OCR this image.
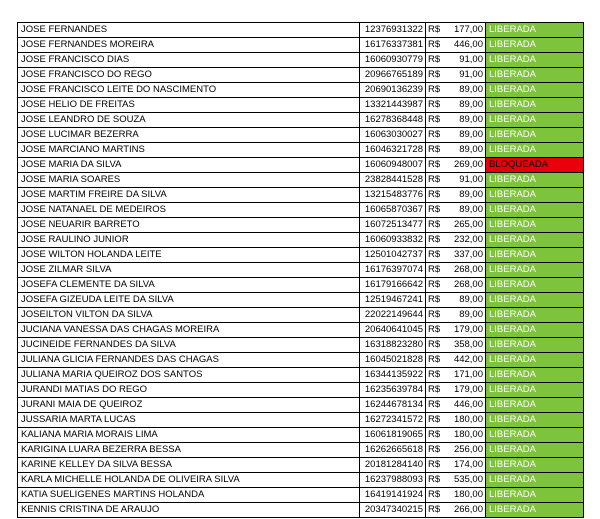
JOSE FERNANDES	12376931322	R$ 177,00	LIBERADA
JOSE FERNANDES MOREIRA	16176337381	R$ 446,00	LIBERADA
JOSE FRANCISCO DIAS	16060930779	R$ 91,00	LIBERADA
JOSE FRANCISCO DO REGO	20966765189	R$ 91,00	LIBERADA
JOSE FRANCISCO LEITE DO NASCIMENTO	20690136239	R$ 89,00	LIBERADA
JOSE HELIO DE FREITAS	13321443987	R$ 89,00	LIBERADA
JOSE LEANDRO DE SOUZA	16278368448	R$ 89,00	LIBERADA
JOSE LUCIMAR BEZERRA	16063030027	R$ 89,00	LIBERADA
JOSE MARCIANO MARTINS	16046321728	R$ 89,00	LIBERADA
JOSE MARIA DA SILVA	16060948007	R$ 269,00	BLOQUEADA
JOSE MARIA SOARES	23828441528	R$ 91,00	LIBERADA
JOSE MARTIM FREIRE DA SILVA	13215483776	R$ 89,00	LIBERADA
JOSE NATANAEL DE MEDEIROS	16065870367	R$ 89,00	LIBERADA
JOSE NEUARIR BARRETO	16072513477	R$ 265,00	LIBERADA
JOSE RAULINO JUNIOR	16060933832	R$ 232,00	LIBERADA
JOSE WILTON HOLANDA LEITE	12501042737	R$ 337,00	LIBERADA
JOSE ZILMAR SILVA	16176397074	R$ 268,00	LIBERADA
JOSEFA CLEMENTE DA SILVA	16179166642	R$ 268,00	LIBERADA
JOSEFA GIZEUDA LEITE DA SILVA	12519467241	R$ 89,00	LIBERADA
JOSEILTON VILTON DA SILVA	22022149644	R$ 89,00	LIBERADA
JUCIANA VANESSA DAS CHAGAS MOREIRA	20640641045	R$ 179,00	LIBERADA
JUCINEIDE FERNANDES DA SILVA	16318823280	R$ 358,00	LIBERADA
JULIANA GLICIA FERNANDES DAS CHAGAS	16045021828	R$ 442,00	LIBERADA
JULIANA MARIA QUEIROZ DOS SANTOS	16344135922	R$ 171,00	LIBERADA
JURANDI MATIAS DO REGO	16235639784	R$ 179,00	LIBERADA
JURANI MAIA DE QUEIROZ	16244678134	R$ 446,00	LIBERADA
JUSSARIA MARTA LUCAS	16272341572	R$ 180,00	LIBERADA
KALIANA MARIA MORAIS LIMA	16061819065	R$ 180,00	LIBERADA
KARIGINA LUARA BEZERRA BESSA	16262665618	R$ 256,00	LIBERADA
KARINE KELLEY DA SILVA BESSA	20181284140	R$ 174,00	LIBERADA
KARLA MICHELLE HOLANDA DE OLIVEIRA SILVA	16237988093	R$ 535,00	LIBERADA
KATIA SUELIGENES MARTINS HOLANDA	16419141924	R$ 180,00	LIBERADA
KENNIS CRISTINA DE ARAUJO	20347340215	R$ 266,00	LIBERADA
